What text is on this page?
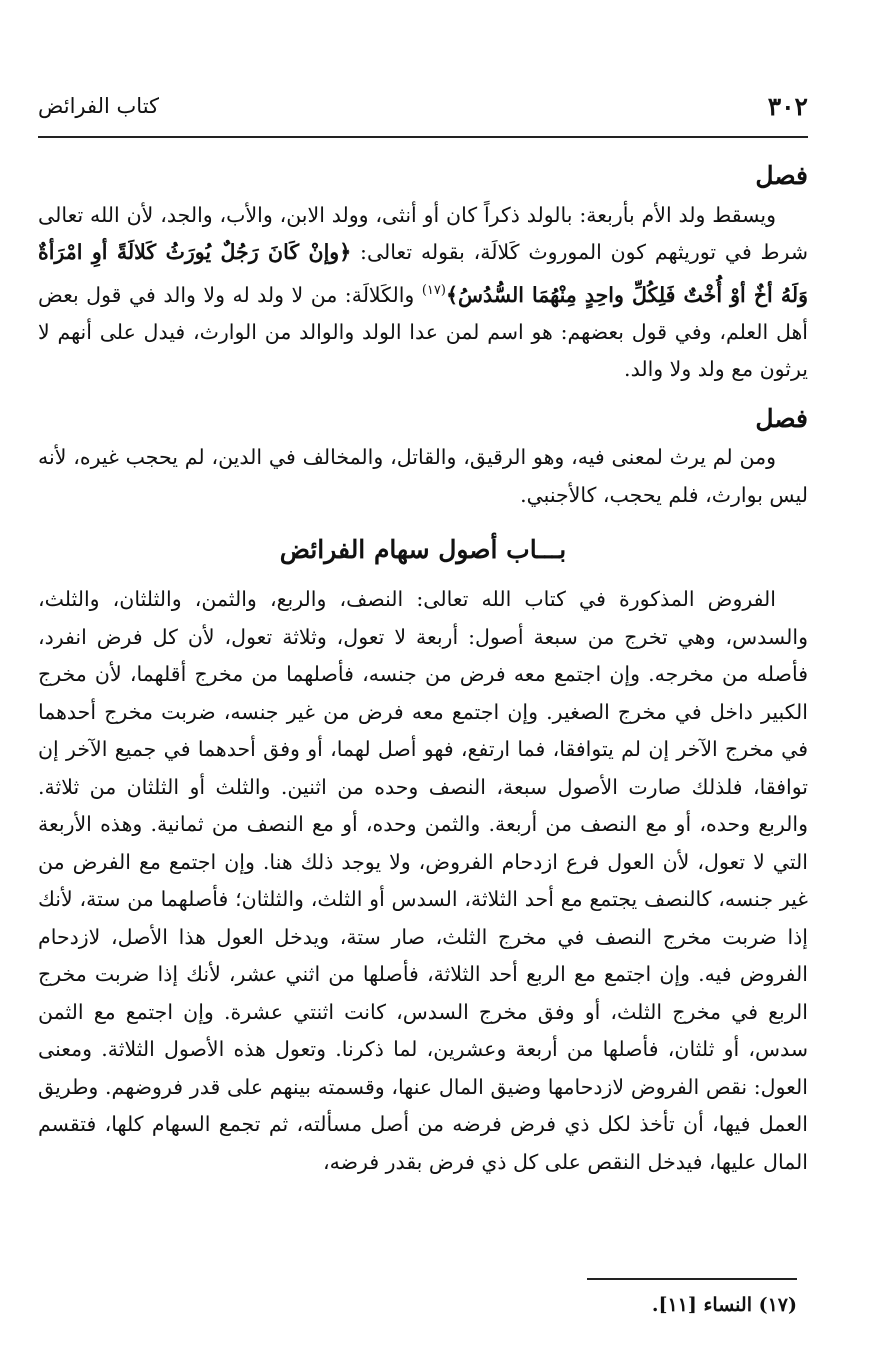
٣٠٢
كتاب الفرائض
فصل

ويسقط ولد الأم بأربعة: بالولد ذكراً كان أو أنثى، وولد الابن، والأب، والجد، لأن الله تعالى شرط في توريثهم كون الموروث كَلالَة، بقوله تعالى: ﴿وإنْ كَانَ رَجُلٌ يُورَثُ كَلالَةً أوِ امْرَأةٌ وَلَهُ أخٌ أوْ أُخْتٌ فَلِكُلِّ واحِدٍ مِنْهُمَا السُّدُسُ﴾$^{(١٧)}$ والكَلالَة: من لا ولد له ولا والد في قول بعض أهل العلم، وفي قول بعضهم: هو اسم لمن عدا الولد والوالد من الوارث، فيدل على أنهم لا يرثون مع ولد ولا والد.

فصل

ومن لم يرث لمعنى فيه، وهو الرقيق، والقاتل، والمخالف في الدين، لم يحجب غيره، لأنه ليس بوارث، فلم يحجب، كالأجنبي.

بـــاب أصول سهام الفرائض

الفروض المذكورة في كتاب الله تعالى: النصف، والربع، والثمن، والثلثان، والثلث، والسدس، وهي تخرج من سبعة أصول: أربعة لا تعول، وثلاثة تعول، لأن كل فرض انفرد، فأصله من مخرجه. وإن اجتمع معه فرض من جنسه، فأصلهما من مخرج أقلهما، لأن مخرج الكبير داخل في مخرج الصغير. وإن اجتمع معه فرض من غير جنسه، ضربت مخرج أحدهما في مخرج الآخر إن لم يتوافقا، فما ارتفع، فهو أصل لهما، أو وفق أحدهما في جميع الآخر إن توافقا، فلذلك صارت الأصول سبعة، النصف وحده من اثنين. والثلث أو الثلثان من ثلاثة. والربع وحده، أو مع النصف من أربعة. والثمن وحده، أو مع النصف من ثمانية. وهذه الأربعة التي لا تعول، لأن العول فرع ازدحام الفروض، ولا يوجد ذلك هنا. وإن اجتمع مع الفرض من غير جنسه، كالنصف يجتمع مع أحد الثلاثة، السدس أو الثلث، والثلثان؛ فأصلهما من ستة، لأنك إذا ضربت مخرج النصف في مخرج الثلث، صار ستة، ويدخل العول هذا الأصل، لازدحام الفروض فيه. وإن اجتمع مع الربع أحد الثلاثة، فأصلها من اثني عشر، لأنك إذا ضربت مخرج الربع في مخرج الثلث، أو وفق مخرج السدس، كانت اثنتي عشرة. وإن اجتمع مع الثمن سدس، أو ثلثان، فأصلها من أربعة وعشرين، لما ذكرنا. وتعول هذه الأصول الثلاثة. ومعنى العول: نقص الفروض لازدحامها وضيق المال عنها، وقسمته بينهم على قدر فروضهم. وطريق العمل فيها، أن تأخذ لكل ذي فرض فرضه من أصل مسألته، ثم تجمع السهام كلها، فتقسم المال عليها، فيدخل النقص على كل ذي فرض بقدر فرضه،

(١٧) النساء [١١].
